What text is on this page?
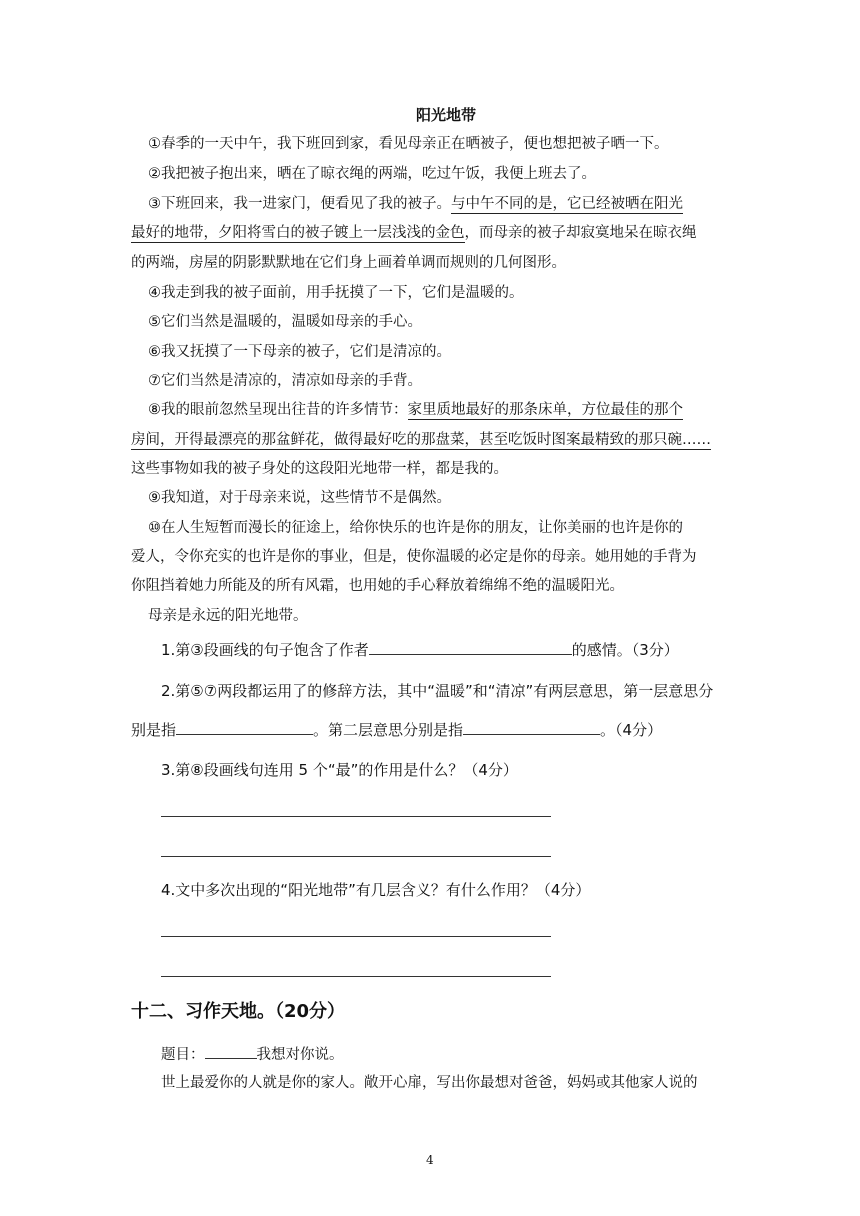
阳光地带

①春季的一天中午，我下班回到家，看见母亲正在晒被子，便也想把被子晒一下。

②我把被子抱出来，晒在了晾衣绳的两端，吃过午饭，我便上班去了。

③下班回来，我一进家门，便看见了我的被子。与中午不同的是，它已经被晒在阳光

最好的地带，夕阳将雪白的被子镀上一层浅浅的金色，而母亲的被子却寂寞地呆在晾衣绳

的两端，房屋的阴影默默地在它们身上画着单调而规则的几何图形。

④我走到我的被子面前，用手抚摸了一下，它们是温暖的。

⑤它们当然是温暖的，温暖如母亲的手心。

⑥我又抚摸了一下母亲的被子，它们是清凉的。

⑦它们当然是清凉的，清凉如母亲的手背。

⑧我的眼前忽然呈现出往昔的许多情节：家里质地最好的那条床单，方位最佳的那个

房间，开得最漂亮的那盆鲜花，做得最好吃的那盘菜，甚至吃饭时图案最精致的那只碗……

这些事物如我的被子身处的这段阳光地带一样，都是我的。

⑨我知道，对于母亲来说，这些情节不是偶然。

⑩在人生短暂而漫长的征途上，给你快乐的也许是你的朋友，让你美丽的也许是你的

爱人，令你充实的也许是你的事业，但是，使你温暖的必定是你的母亲。她用她的手背为

你阻挡着她力所能及的所有风霜，也用她的手心释放着绵绵不绝的温暖阳光。

母亲是永远的阳光地带。

1.第③段画线的句子饱含了作者	的感情。（3分）

2.第⑤⑦两段都运用了的修辞方法，其中“温暖”和“清凉”有两层意思，第一层意思分

别是指	。第二层意思分别是指	。（4分）

3.第⑧段画线句连用 5 个“最”的作用是什么？（4分）

4.文中多次出现的“阳光地带”有几层含义？有什么作用？（4分）

十二、习作天地。（20分）

题目：	我想对你说。

世上最爱你的人就是你的家人。敞开心扉，写出你最想对爸爸，妈妈或其他家人说的

4
